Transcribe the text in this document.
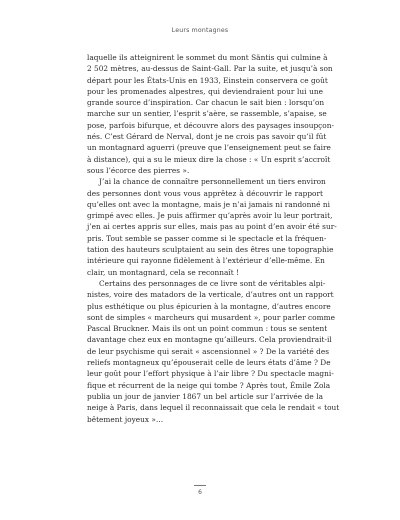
Leurs montagnes
laquelle ils atteignirent le sommet du mont Säntis qui culmine à
2 502 mètres, au-dessus de Saint-Gall. Par la suite, et jusqu’à son
départ pour les États-Unis en 1933, Einstein conservera ce goût
pour les promenades alpestres, qui deviendraient pour lui une
grande source d’inspiration. Car chacun le sait bien : lorsqu’on
marche sur un sentier, l’esprit s’aère, se rassemble, s’apaise, se
pose, parfois bifurque, et découvre alors des paysages insoupçon-
nés. C’est Gérard de Nerval, dont je ne crois pas savoir qu’il fût
un montagnard aguerri (preuve que l’enseignement peut se faire
à distance), qui a su le mieux dire la chose : « Un esprit s’accroît
sous l’écorce des pierres ».
J’ai la chance de connaître personnellement un tiers environ
des personnes dont vous vous apprêtez à découvrir le rapport
qu’elles ont avec la montagne, mais je n’ai jamais ni randonné ni
grimpé avec elles. Je puis affirmer qu’après avoir lu leur portrait,
j’en ai certes appris sur elles, mais pas au point d’en avoir été sur-
pris. Tout semble se passer comme si le spectacle et la fréquen-
tation des hauteurs sculptaient au sein des êtres une topographie
intérieure qui rayonne fidèlement à l’extérieur d’elle-même. En
clair, un montagnard, cela se reconnaît !
Certains des personnages de ce livre sont de véritables alpi-
nistes, voire des matadors de la verticale, d’autres ont un rapport
plus esthétique ou plus épicurien à la montagne, d’autres encore
sont de simples « marcheurs qui musardent », pour parler comme
Pascal Bruckner. Mais ils ont un point commun : tous se sentent
davantage chez eux en montagne qu’ailleurs. Cela proviendrait-il
de leur psychisme qui serait « ascensionnel » ? De la variété des
reliefs montagneux qu’épouserait celle de leurs états d’âme ? De
leur goût pour l’effort physique à l’air libre ? Du spectacle magni-
fique et récurrent de la neige qui tombe ? Après tout, Émile Zola
publia un jour de janvier 1867 un bel article sur l’arrivée de la
neige à Paris, dans lequel il reconnaissait que cela le rendait « tout
bêtement joyeux »…
6
